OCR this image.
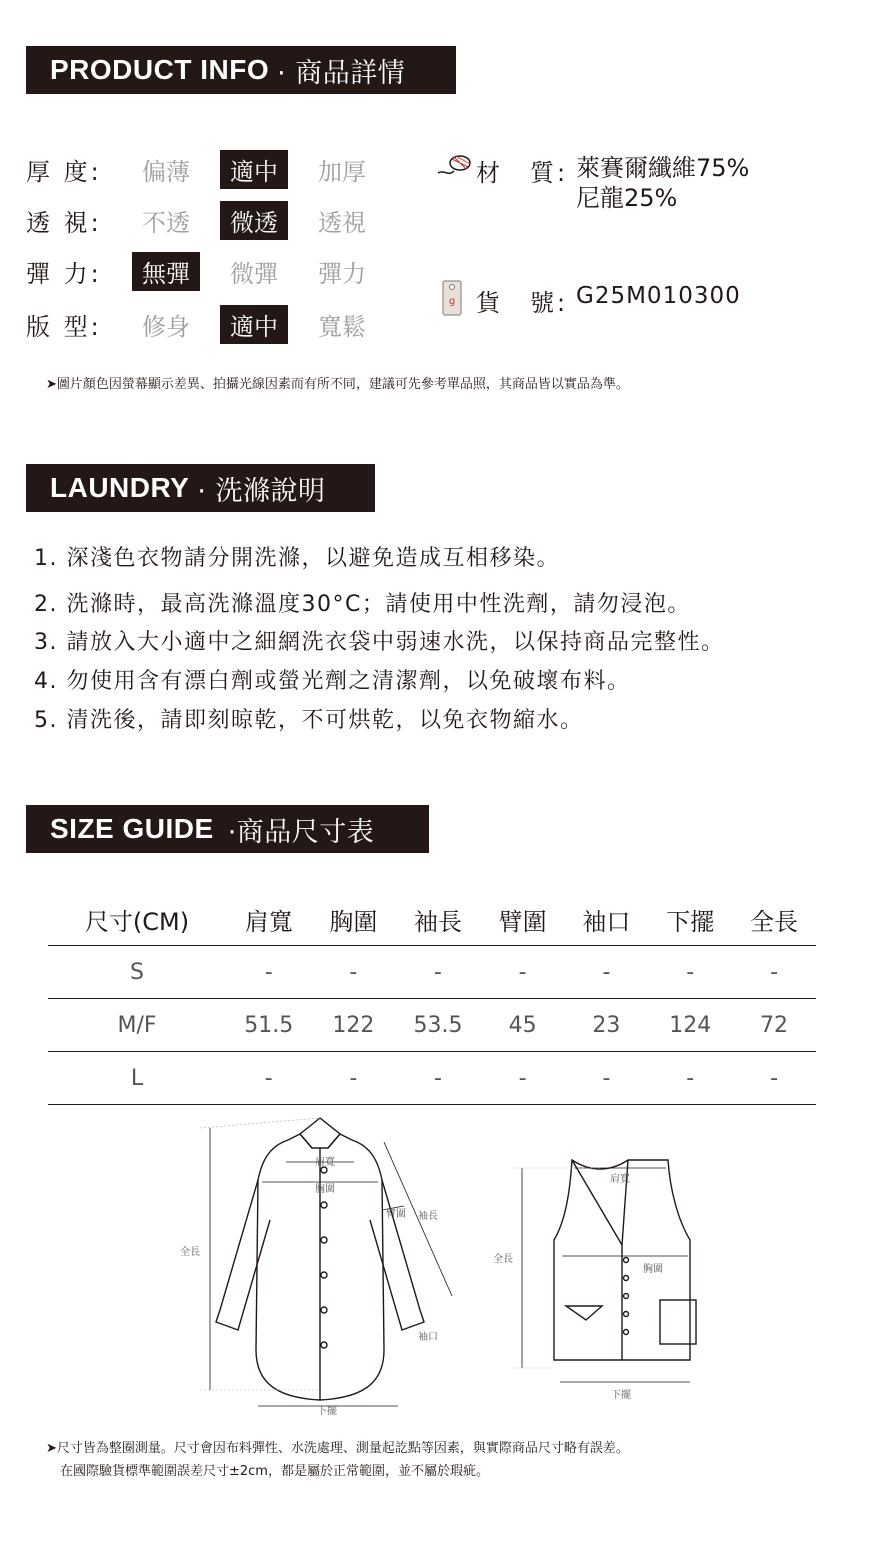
PRODUCT INFO · 商品詳情
厚 度: 偏薄	適中	加厚
透 視: 不透	微透	透視
彈 力:	無彈	微彈 彈力
版 型: 修身	適中	寬鬆
材　質: 萊賽爾纖維75%
尼龍25%
g 貨　號: G25M010300
➤圖片顏色因螢幕顯示差異、拍攝光線因素而有所不同，建議可先參考單品照，其商品皆以實品為準。
LAUNDRY · 洗滌說明
1. 深淺色衣物請分開洗滌，以避免造成互相移染。
2. 洗滌時，最高洗滌溫度30°C；請使用中性洗劑，請勿浸泡。
3. 請放入大小適中之細網洗衣袋中弱速水洗，以保持商品完整性。
4. 勿使用含有漂白劑或螢光劑之清潔劑，以免破壞布料。
5. 清洗後，請即刻晾乾，不可烘乾，以免衣物縮水。
SIZE GUIDE ·商品尺寸表
尺寸(CM)	肩寬	胸圍	袖長	臂圍	袖口	下擺	全長
S	-	-	-	-	-	-	-
M/F	51.5	122	53.5	45	23	124	72
L	-	-	-	-	-	-	-
肩寬
胸圍
臂圍 袖長
全長
袖口
下擺
肩寬
全長
胸圍
下擺
➤尺寸皆為整圈測量。尺寸會因布料彈性、水洗處理、測量起訖點等因素，與實際商品尺寸略有誤差。
在國際驗貨標準範圍誤差尺寸±2cm，都是屬於正常範圍，並不屬於瑕疵。
